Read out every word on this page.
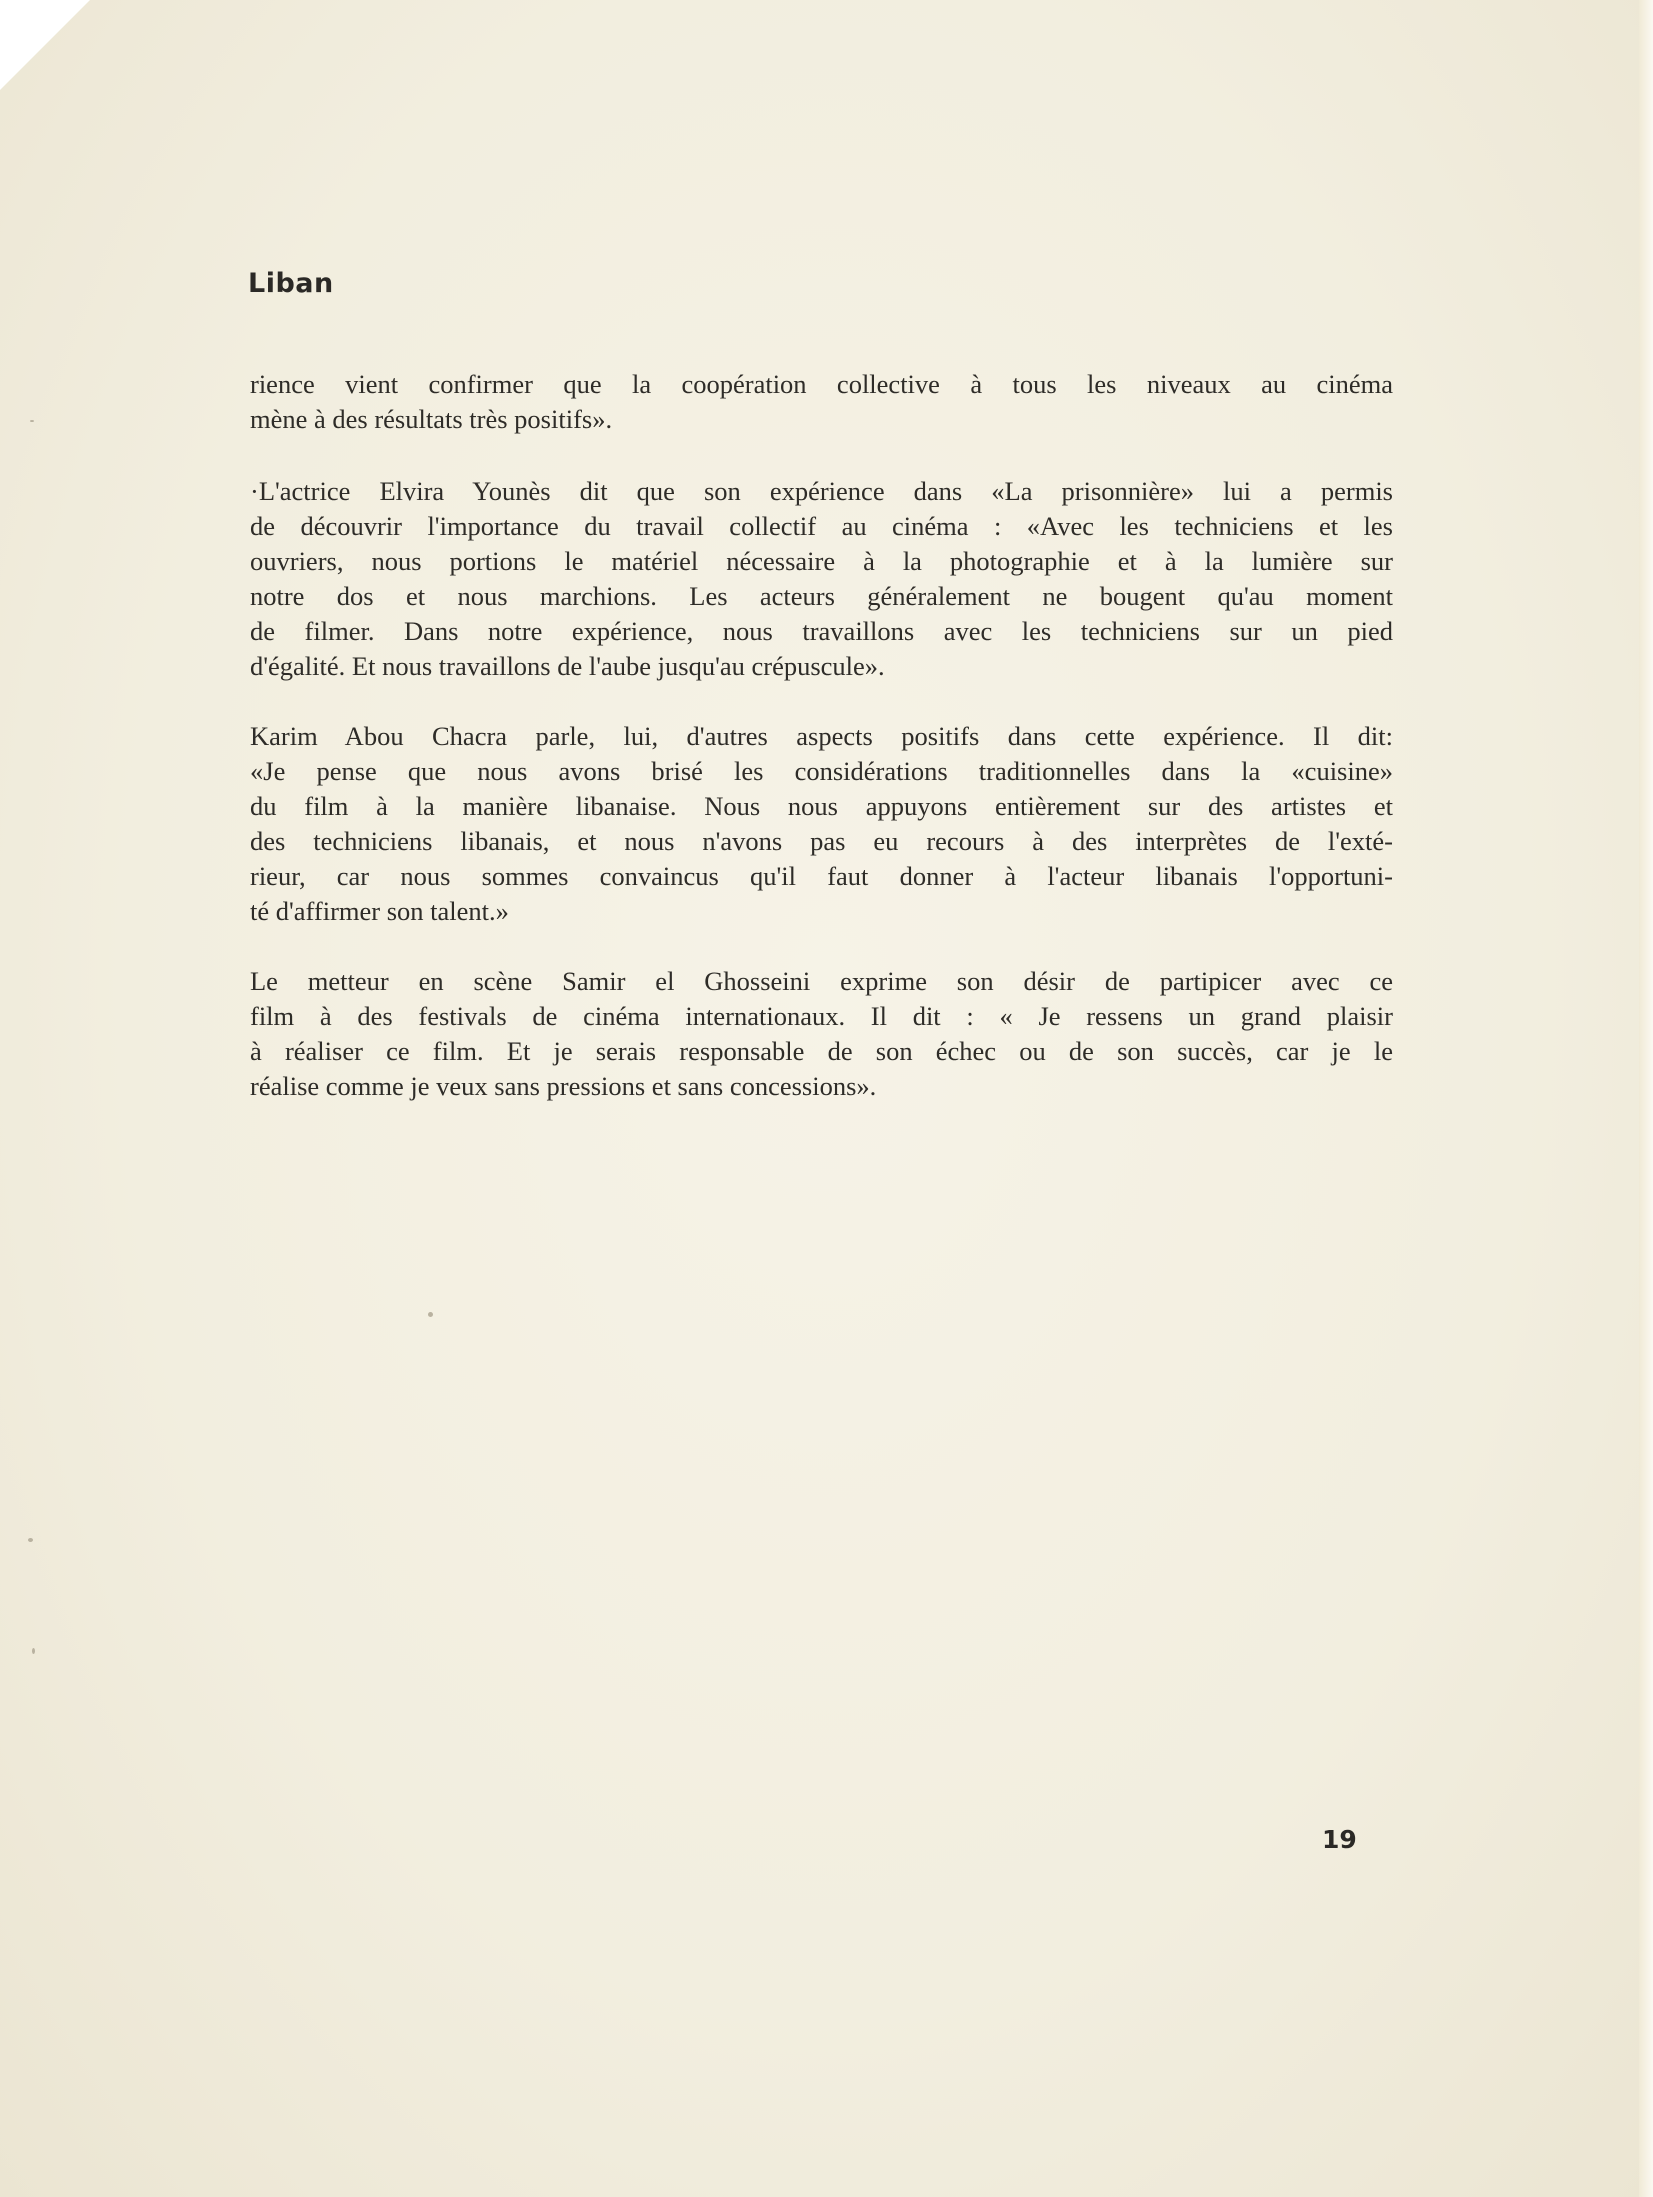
Liban
rience vient confirmer que la coopération collective à tous les niveaux au cinéma
mène à des résultats très positifs».
·L'actrice Elvira Younès dit que son expérience dans «La prisonnière» lui a permis
de découvrir l'importance du travail collectif au cinéma : «Avec les techniciens et les
ouvriers, nous portions le matériel nécessaire à la photographie et à la lumière sur
notre dos et nous marchions. Les acteurs généralement ne bougent qu'au moment
de filmer. Dans notre expérience, nous travaillons avec les techniciens sur un pied
d'égalité. Et nous travaillons de l'aube jusqu'au crépuscule».
Karim Abou Chacra parle, lui, d'autres aspects positifs dans cette expérience. Il dit:
«Je pense que nous avons brisé les considérations traditionnelles dans la «cuisine»
du film à la manière libanaise. Nous nous appuyons entièrement sur des artistes et
des techniciens libanais, et nous n'avons pas eu recours à des interprètes de l'exté-
rieur, car nous sommes convaincus qu'il faut donner à l'acteur libanais l'opportuni-
té d'affirmer son talent.»
Le metteur en scène Samir el Ghosseini exprime son désir de partipicer avec ce
film à des festivals de cinéma internationaux. Il dit : « Je ressens un grand plaisir
à réaliser ce film. Et je serais responsable de son échec ou de son succès, car je le
réalise comme je veux sans pressions et sans concessions».
19
